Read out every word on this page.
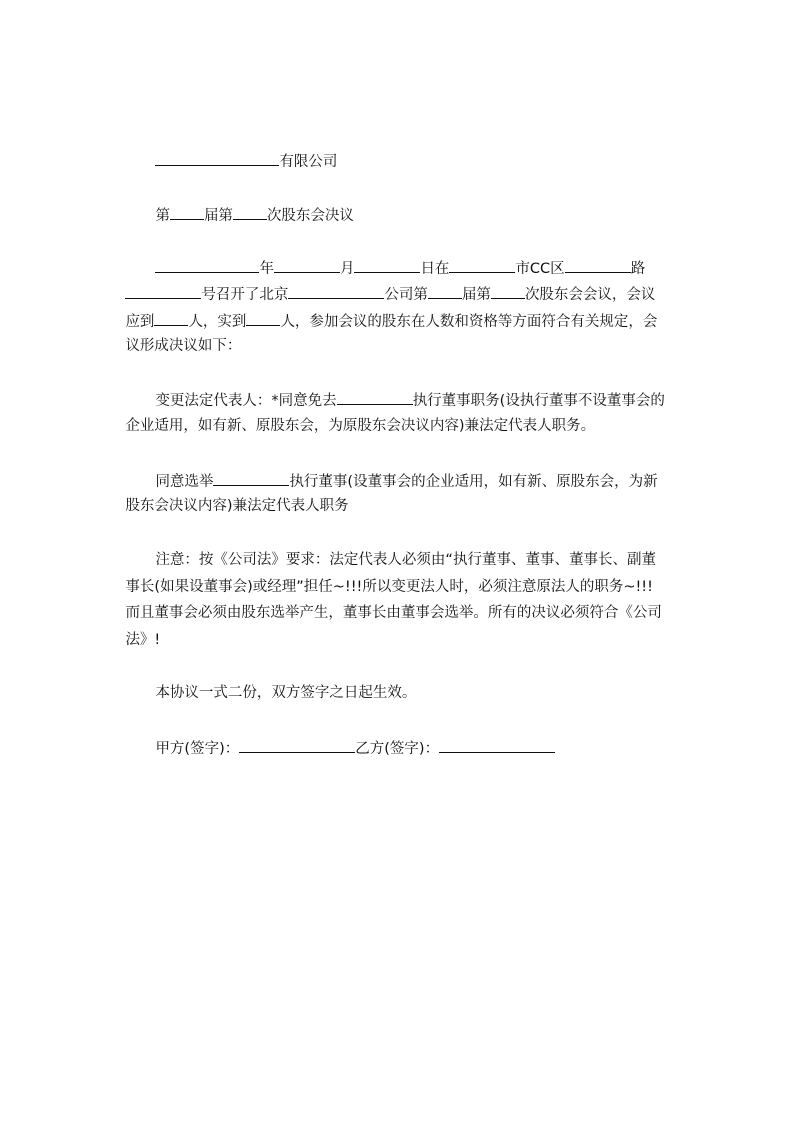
有限公司

第 届第 次股东会决议

年	月	日在	市CC区	路

号召开了北京	公司第 届第 次股东会会议，会议

应到 人，实到 人，参加会议的股东在人数和资格等方面符合有关规定，会

议形成决议如下：

变更法定代表人：*同意免去	执行董事职务(设执行董事不设董事会的

企业适用，如有新、原股东会，为原股东会决议内容)兼法定代表人职务。

同意选举	执行董事(设董事会的企业适用，如有新、原股东会，为新

股东会决议内容)兼法定代表人职务

注意：按《公司法》要求：法定代表人必须由“执行董事、董事、董事长、副董

事长(如果设董事会)或经理”担任~!!!所以变更法人时，必须注意原法人的职务~!!!

而且董事会必须由股东选举产生，董事长由董事会选举。所有的决议必须符合《公司

法》!

本协议一式二份，双方签字之日起生效。

甲方(签字)：	乙方(签字)：
